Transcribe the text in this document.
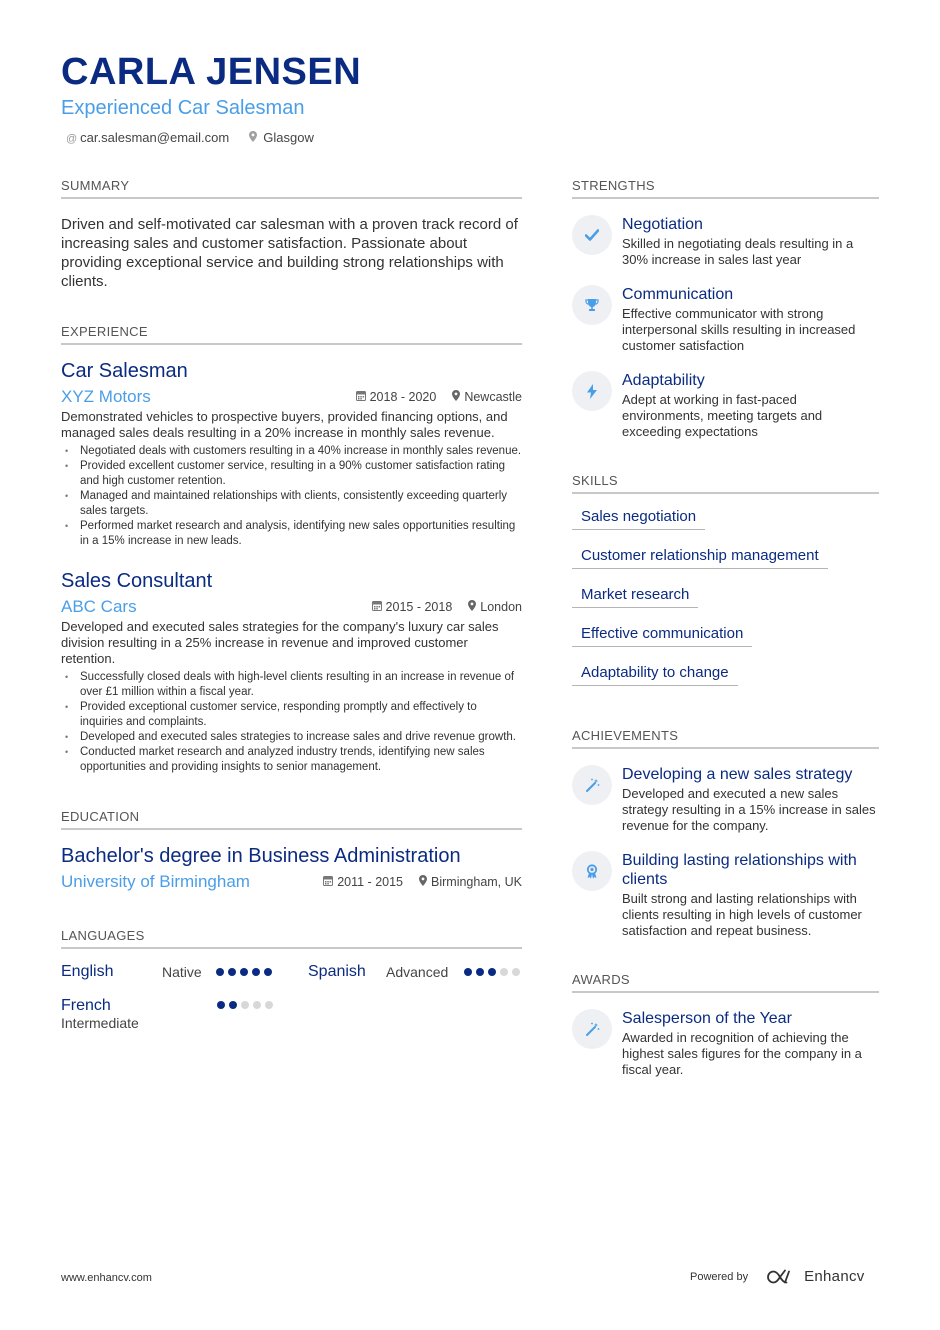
CARLA JENSEN
Experienced Car Salesman
@ car.salesman@email.com	Glasgow
SUMMARY
Driven and self-motivated car salesman with a proven track record of increasing sales and customer satisfaction. Passionate about providing exceptional service and building strong relationships with clients.
EXPERIENCE
Car Salesman
XYZ Motors	2018 - 2020	Newcastle
Demonstrated vehicles to prospective buyers, provided financing options, and managed sales deals resulting in a 20% increase in monthly sales revenue.
• Negotiated deals with customers resulting in a 40% increase in monthly sales revenue.
• Provided excellent customer service, resulting in a 90% customer satisfaction rating and high customer retention.
• Managed and maintained relationships with clients, consistently exceeding quarterly sales targets.
• Performed market research and analysis, identifying new sales opportunities resulting in a 15% increase in new leads.
Sales Consultant
ABC Cars	2015 - 2018	London
Developed and executed sales strategies for the company's luxury car sales division resulting in a 25% increase in revenue and improved customer retention.
• Successfully closed deals with high-level clients resulting in an increase in revenue of over £1 million within a fiscal year.
• Provided exceptional customer service, responding promptly and effectively to inquiries and complaints.
• Developed and executed sales strategies to increase sales and drive revenue growth.
• Conducted market research and analyzed industry trends, identifying new sales opportunities and providing insights to senior management.
EDUCATION
Bachelor's degree in Business Administration
University of Birmingham	2011 - 2015	Birmingham, UK
LANGUAGES
English	Native	Spanish	Advanced
French
Intermediate
STRENGTHS
Negotiation
Skilled in negotiating deals resulting in a 30% increase in sales last year
Communication
Effective communicator with strong interpersonal skills resulting in increased customer satisfaction
Adaptability
Adept at working in fast-paced environments, meeting targets and exceeding expectations
SKILLS
Sales negotiation
Customer relationship management
Market research
Effective communication
Adaptability to change
ACHIEVEMENTS
Developing a new sales strategy
Developed and executed a new sales strategy resulting in a 15% increase in sales revenue for the company.
Building lasting relationships with clients
Built strong and lasting relationships with clients resulting in high levels of customer satisfaction and repeat business.
AWARDS
Salesperson of the Year
Awarded in recognition of achieving the highest sales figures for the company in a fiscal year.
www.enhancv.com	Powered by	Enhancv
